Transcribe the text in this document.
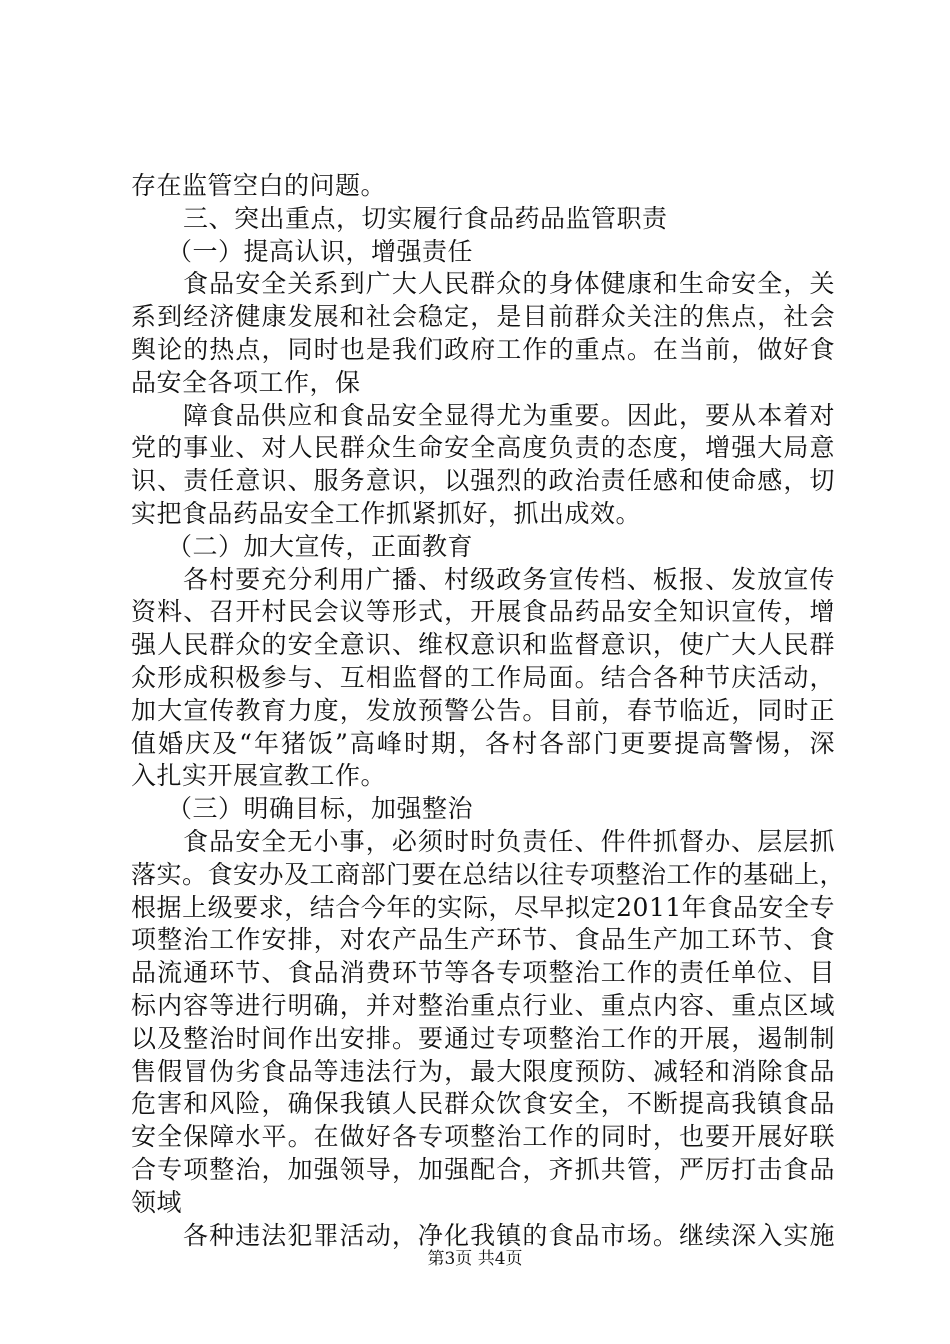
存在监管空白的问题。
三、突出重点，切实履行食品药品监管职责
（一）提高认识，增强责任
食品安全关系到广大人民群众的身体健康和生命安全，关
系到经济健康发展和社会稳定，是目前群众关注的焦点，社会
舆论的热点，同时也是我们政府工作的重点。在当前，做好食
品安全各项工作，保
障食品供应和食品安全显得尤为重要。因此，要从本着对
党的事业、对人民群众生命安全高度负责的态度，增强大局意
识、责任意识、服务意识，以强烈的政治责任感和使命感，切
实把食品药品安全工作抓紧抓好，抓出成效。
（二）加大宣传，正面教育
各村要充分利用广播、村级政务宣传档、板报、发放宣传
资料、召开村民会议等形式，开展食品药品安全知识宣传，增
强人民群众的安全意识、维权意识和监督意识，使广大人民群
众形成积极参与、互相监督的工作局面。结合各种节庆活动，
加大宣传教育力度，发放预警公告。目前，春节临近，同时正
值婚庆及“年猪饭”高峰时期，各村各部门更要提高警惕，深
入扎实开展宣教工作。
（三）明确目标，加强整治
食品安全无小事，必须时时负责任、件件抓督办、层层抓
落实。食安办及工商部门要在总结以往专项整治工作的基础上，
根据上级要求，结合今年的实际，尽早拟定2011年食品安全专
项整治工作安排，对农产品生产环节、食品生产加工环节、食
品流通环节、食品消费环节等各专项整治工作的责任单位、目
标内容等进行明确，并对整治重点行业、重点内容、重点区域
以及整治时间作出安排。要通过专项整治工作的开展，遏制制
售假冒伪劣食品等违法行为，最大限度预防、减轻和消除食品
危害和风险，确保我镇人民群众饮食安全，不断提高我镇食品
安全保障水平。在做好各专项整治工作的同时，也要开展好联
合专项整治，加强领导，加强配合，齐抓共管，严厉打击食品
领域
各种违法犯罪活动，净化我镇的食品市场。继续深入实施
第3页 共4页
